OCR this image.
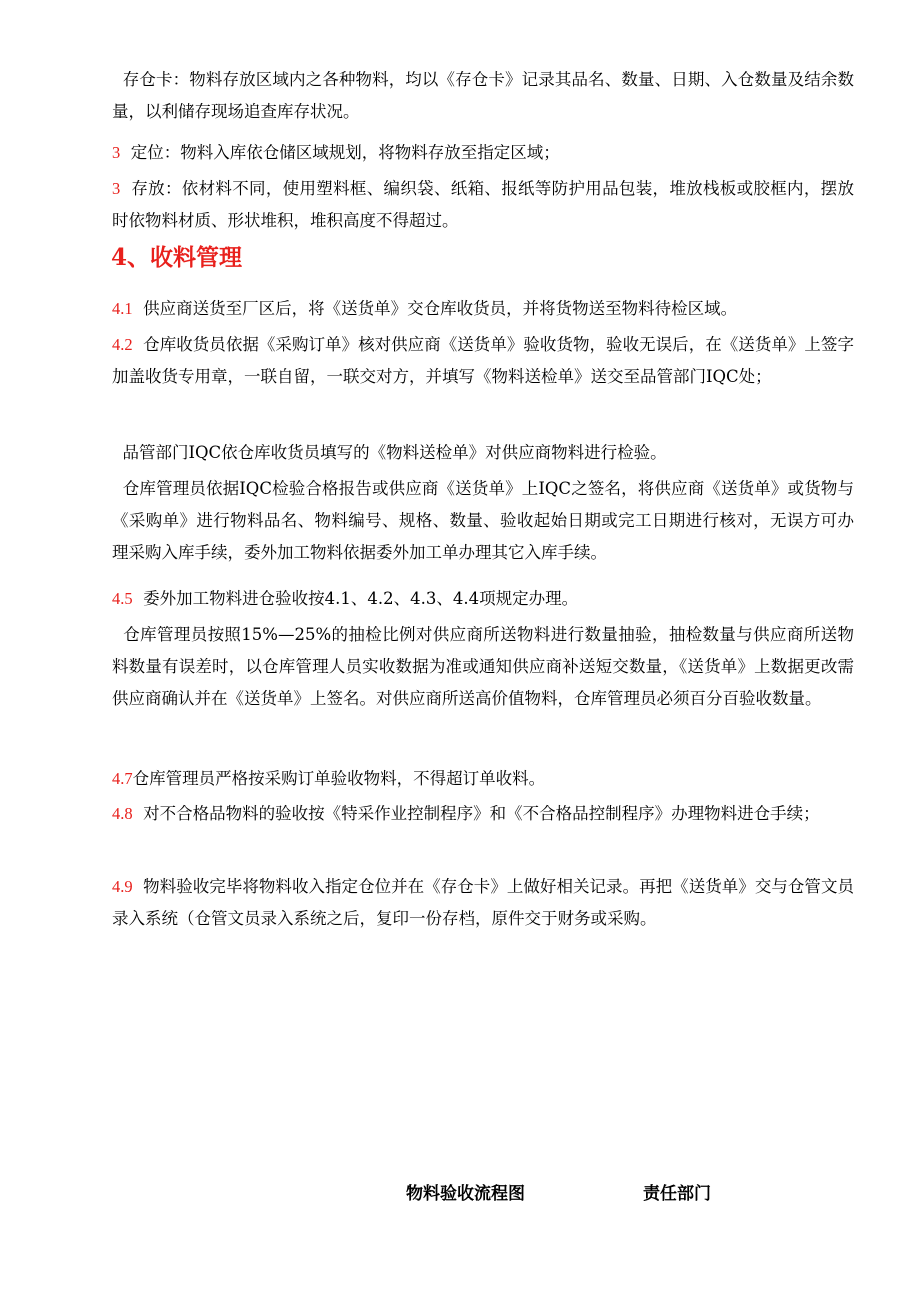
存仓卡：物料存放区域内之各种物料，均以《存仓卡》记录其品名、数量、日期、入仓数量及结余数量，以利储存现场追查库存状况。

3  定位：物料入库依仓储区域规划，将物料存放至指定区域；

3  存放：依材料不同，使用塑料框、编织袋、纸箱、报纸等防护用品包装，堆放栈板或胶框内，摆放时依物料材质、形状堆积，堆积高度不得超过。

4、收料管理

4.1  供应商送货至厂区后，将《送货单》交仓库收货员，并将货物送至物料待检区域。

4.2  仓库收货员依据《采购订单》核对供应商《送货单》验收货物，验收无误后，在《送货单》上签字加盖收货专用章，一联自留，一联交对方，并填写《物料送检单》送交至品管部门IQC处；

品管部门IQC依仓库收货员填写的《物料送检单》对供应商物料进行检验。

仓库管理员依据IQC检验合格报告或供应商《送货单》上IQC之签名，将供应商《送货单》或货物与《采购单》进行物料品名、物料编号、规格、数量、验收起始日期或完工日期进行核对，无误方可办理采购入库手续，委外加工物料依据委外加工单办理其它入库手续。

4.5  委外加工物料进仓验收按4.1、4.2、4.3、4.4项规定办理。

仓库管理员按照15%—25%的抽检比例对供应商所送物料进行数量抽验，抽检数量与供应商所送物料数量有误差时，以仓库管理人员实收数据为准或通知供应商补送短交数量，《送货单》上数据更改需供应商确认并在《送货单》上签名。对供应商所送高价值物料，仓库管理员必须百分百验收数量。

4.7仓库管理员严格按采购订单验收物料，不得超订单收料。

4.8  对不合格品物料的验收按《特采作业控制程序》和《不合格品控制程序》办理物料进仓手续；

4.9  物料验收完毕将物料收入指定仓位并在《存仓卡》上做好相关记录。再把《送货单》交与仓管文员录入系统（仓管文员录入系统之后，复印一份存档，原件交于财务或采购。

物料验收流程图	责任部门
